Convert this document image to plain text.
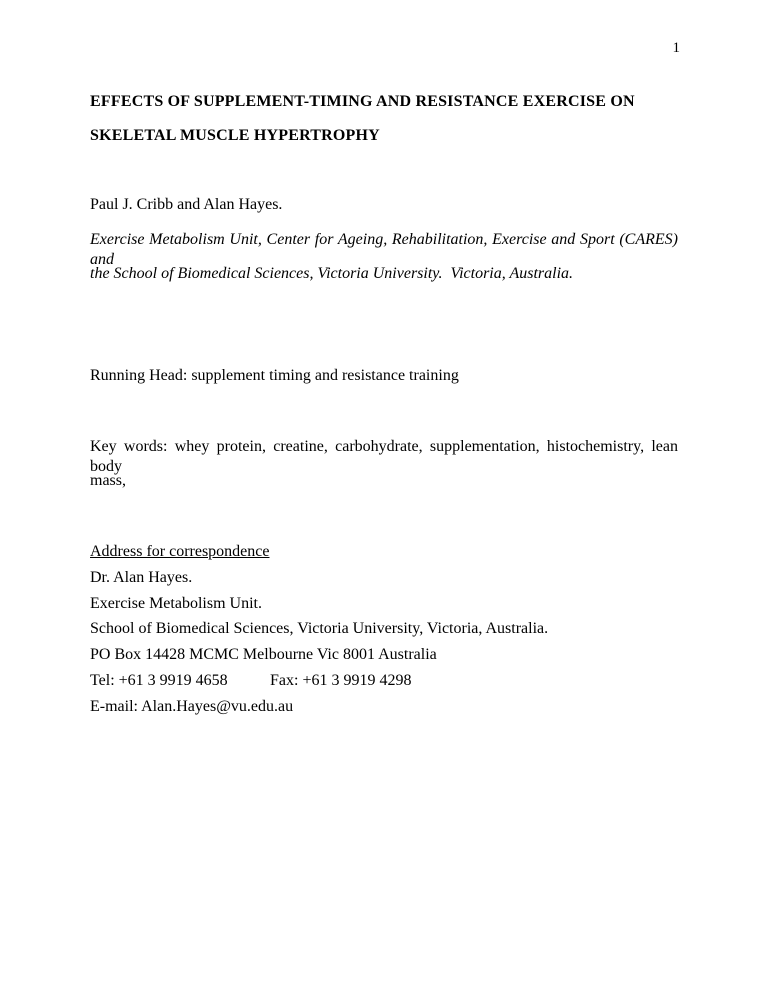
1
EFFECTS OF SUPPLEMENT-TIMING AND RESISTANCE EXERCISE ON
SKELETAL MUSCLE HYPERTROPHY
Paul J. Cribb and Alan Hayes.
Exercise Metabolism Unit, Center for Ageing, Rehabilitation, Exercise and Sport (CARES) and
the School of Biomedical Sciences, Victoria University.  Victoria, Australia.
Running Head: supplement timing and resistance training
Key words: whey protein, creatine, carbohydrate, supplementation, histochemistry, lean body
mass,
Address for correspondence
Dr. Alan Hayes.
Exercise Metabolism Unit.
School of Biomedical Sciences, Victoria University, Victoria, Australia.
PO Box 14428 MCMC Melbourne Vic 8001 Australia
Tel: +61 3 9919 4658	Fax: +61 3 9919 4298
E-mail: Alan.Hayes@vu.edu.au
